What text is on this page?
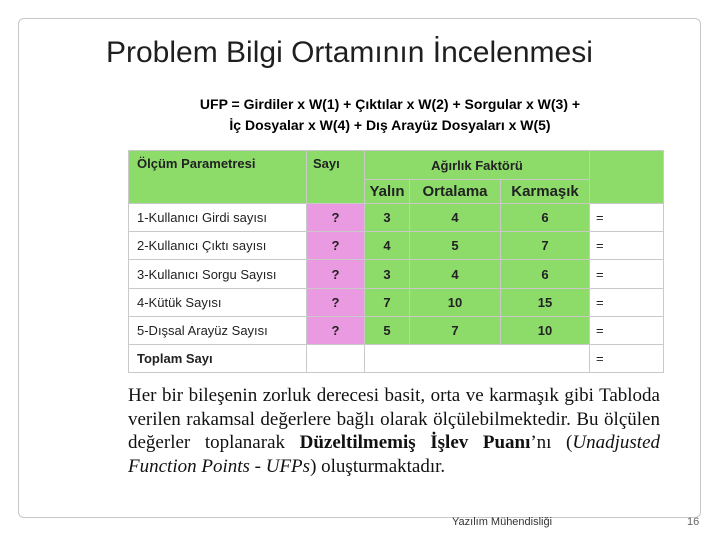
Problem Bilgi Ortamının İncelenmesi
UFP = Girdiler x W(1) + Çıktılar x W(2) + Sorgular x W(3) +
İç Dosyalar x W(4) + Dış Arayüz Dosyaları x W(5)
Ölçüm Parametresi	Sayı	Ağırlık Faktörü			
		Yalın	Ortalama	Karmaşık	
1-Kullanıcı Girdi sayısı	?	3	4	6	=
2-Kullanıcı Çıktı sayısı	?	4	5	7	=
3-Kullanıcı Sorgu Sayısı	?	3	4	6	=
4-Kütük Sayısı	?	7	10	15	=
5-Dışsal Arayüz Sayısı	?	5	7	10	=
Toplam Sayı					=
Her bir bileşenin zorluk derecesi basit, orta ve karmaşık gibi Tabloda verilen rakamsal değerlere bağlı olarak ölçülebilmektedir. Bu ölçülen değerler toplanarak Düzeltilmemiş İşlev Puanı’nı (Unadjusted Function Points - UFPs) oluşturmaktadır.
Yazılım Mühendisliği	16
